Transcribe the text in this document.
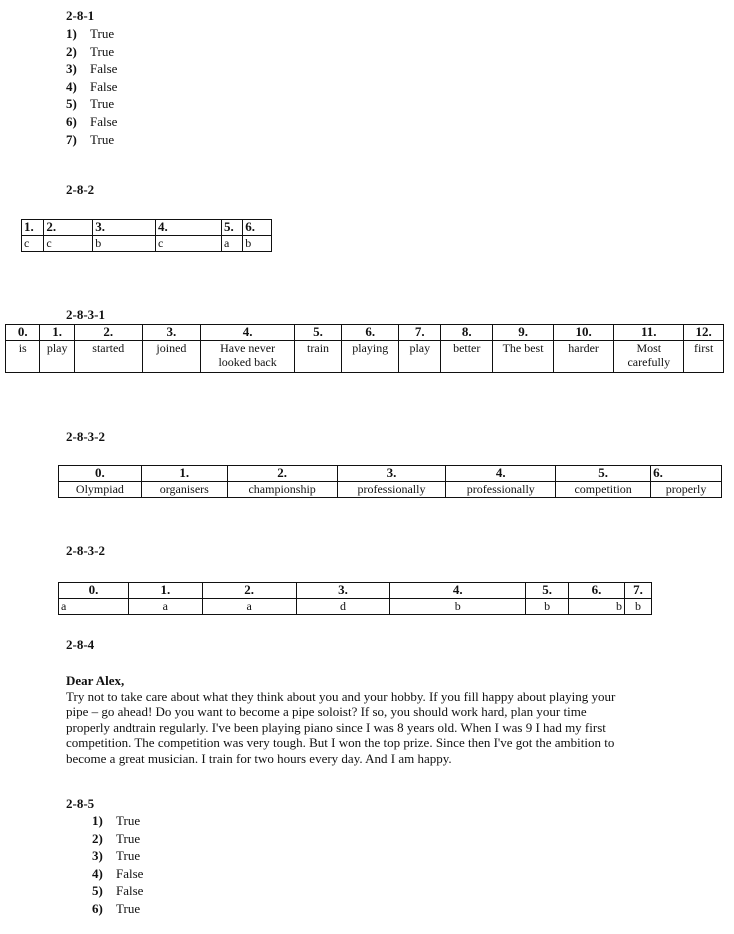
2-8-1
1) True
2) True
3) False
4) False
5) True
6) False
7) True
2-8-2
1.	2.	3.	4.	5.	6.
c	c	b	c	a	b
2-8-3-1
0.	1.	2.	3.	4.	5.	6.	7.	8.	9.	10.	11.	12.
is	play	started	joined	Have never looked back	train	playing	play	better	The best	harder	Most carefully	first
2-8-3-2
0.	1.	2.	3.	4.	5.	6.
Olympiad	organisers	championship	professionally	professionally	competition	properly
2-8-3-2
0.	1.	2.	3.	4.	5.	6.	7.
a	a	a	d	b	b	b	b
2-8-4

Dear Alex,

Try not to take care about what they think about you and your hobby. If you fill happy about playing your

pipe – go ahead! Do you want to become a pipe soloist? If so, you should work hard, plan your time

properly andtrain regularly. I've been playing piano since I was 8 years old. When I was 9 I had my first

competition. The competition was very tough. But I won the top prize. Since then I've got the ambition to

become a great musician. I train for two hours every day. And I am happy.

2-8-5
1) True
2) True
3) True
4) False
5) False
6) True
